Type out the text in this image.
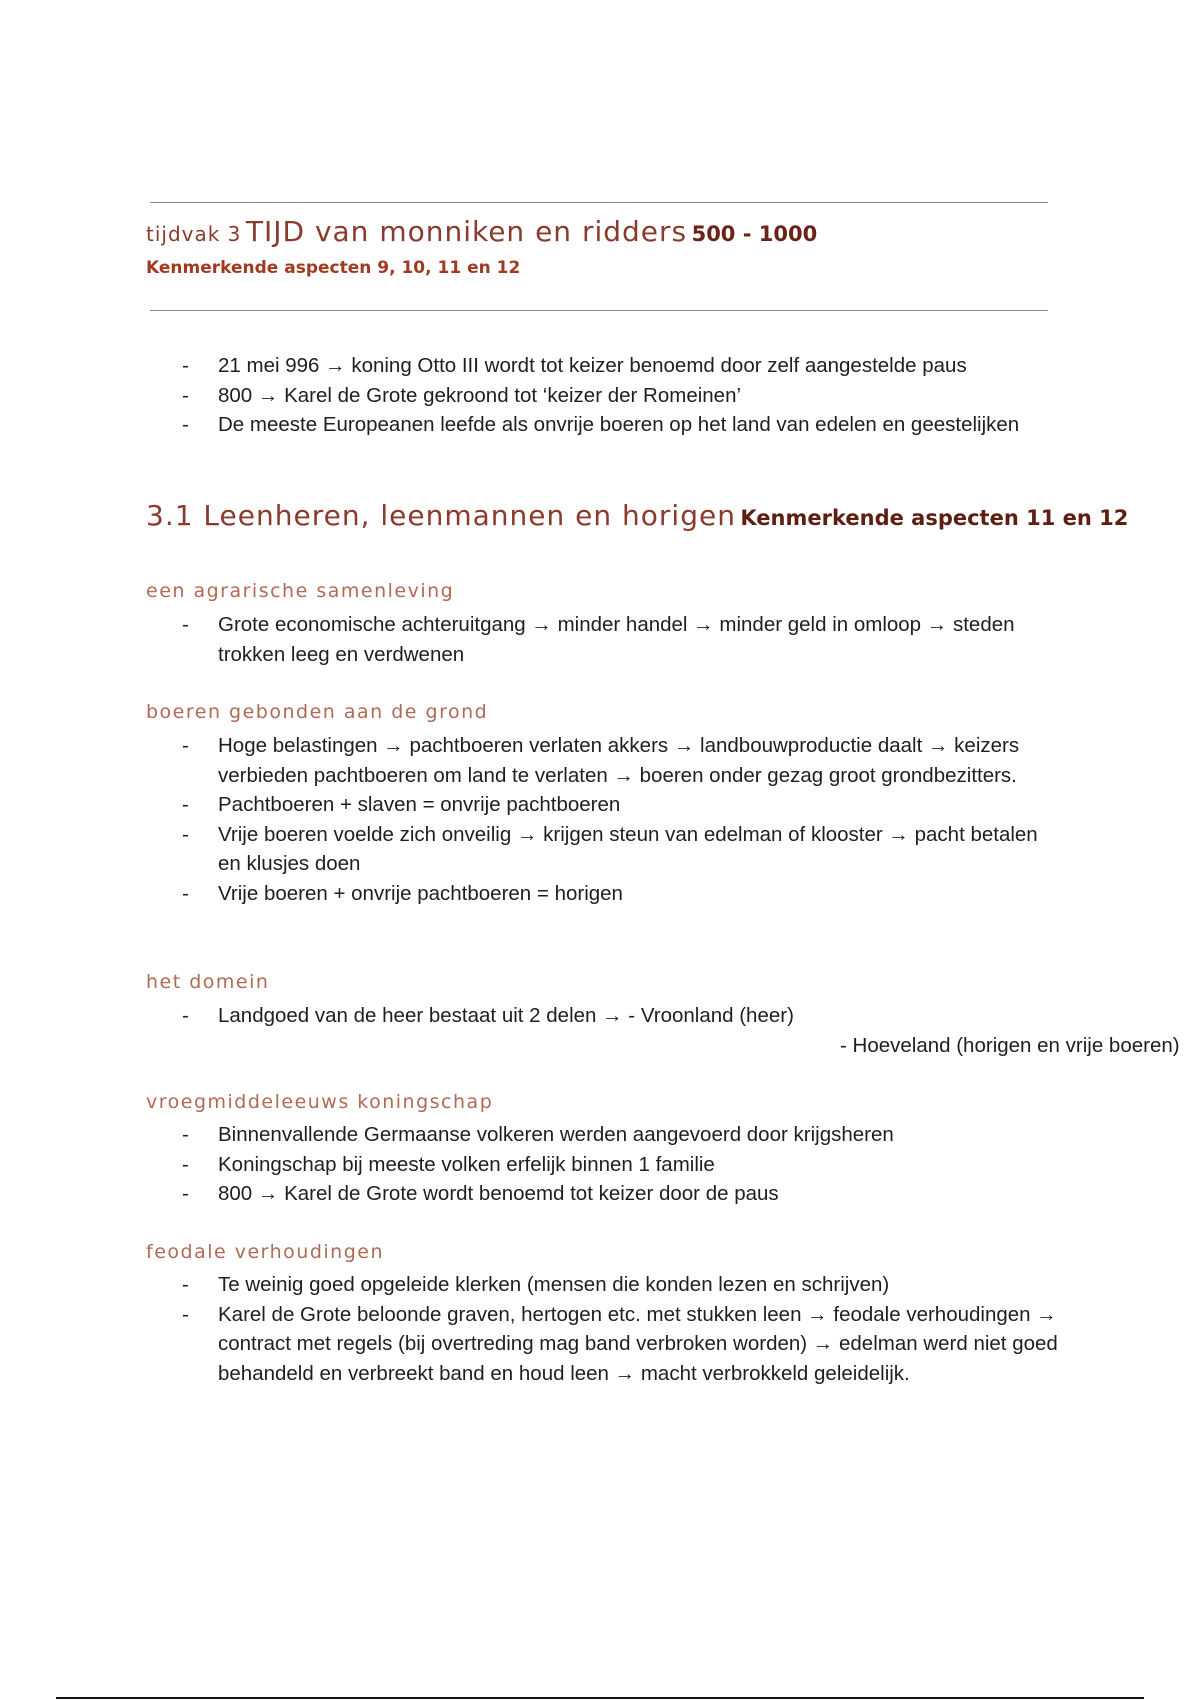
tijdvak 3 TIJD van monniken en ridders 500 - 1000
Kenmerkende aspecten 9, 10, 11 en 12
- 21 mei 996 → koning Otto III wordt tot keizer benoemd door zelf aangestelde paus
- 800 → Karel de Grote gekroond tot ‘keizer der Romeinen’
- De meeste Europeanen leefde als onvrije boeren op het land van edelen en geestelijken
3.1 Leenheren, leenmannen en horigen Kenmerkende aspecten 11 en 12
een agrarische samenleving
- Grote economische achteruitgang → minder handel → minder geld in omloop → steden trokken leeg en verdwenen
boeren gebonden aan de grond
- Hoge belastingen → pachtboeren verlaten akkers → landbouwproductie daalt → keizers verbieden pachtboeren om land te verlaten → boeren onder gezag groot grondbezitters.
- Pachtboeren + slaven = onvrije pachtboeren
- Vrije boeren voelde zich onveilig → krijgen steun van edelman of klooster → pacht betalen en klusjes doen
- Vrije boeren + onvrije pachtboeren = horigen
het domein
- Landgoed van de heer bestaat uit 2 delen → - Vroonland (heer)
- Hoeveland (horigen en vrije boeren)
vroegmiddeleeuws koningschap
- Binnenvallende Germaanse volkeren werden aangevoerd door krijgsheren
- Koningschap bij meeste volken erfelijk binnen 1 familie
- 800 → Karel de Grote wordt benoemd tot keizer door de paus
feodale verhoudingen
- Te weinig goed opgeleide klerken (mensen die konden lezen en schrijven)
- Karel de Grote beloonde graven, hertogen etc. met stukken leen → feodale verhoudingen → contract met regels (bij overtreding mag band verbroken worden) → edelman werd niet goed behandeld en verbreekt band en houd leen → macht verbrokkeld geleidelijk.
